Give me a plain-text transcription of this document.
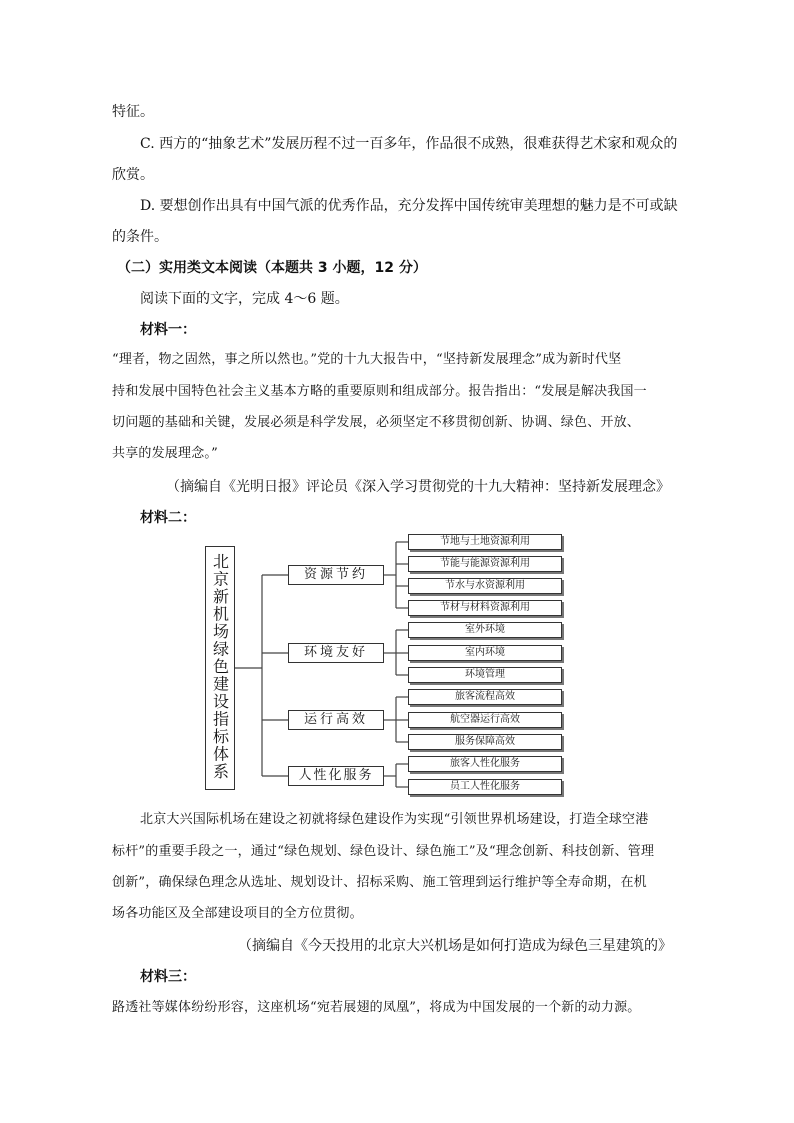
特征。
C. 西方的“抽象艺术”发展历程不过一百多年，作品很不成熟，很难获得艺术家和观众的
欣赏。
D. 要想创作出具有中国气派的优秀作品，充分发挥中国传统审美理想的魅力是不可或缺
的条件。
（二）实用类文本阅读（本题共 3 小题，12 分）
阅读下面的文字，完成 4～6 题。
材料一：
“理者，物之固然，事之所以然也。”党的十九大报告中，“坚持新发展理念”成为新时代坚
持和发展中国特色社会主义基本方略的重要原则和组成部分。报告指出：“发展是解决我国一
切问题的基础和关键，发展必须是科学发展，必须坚定不移贯彻创新、协调、绿色、开放、
共享的发展理念。”
（摘编自《光明日报》评论员《深入学习贯彻党的十九大精神：坚持新发展理念》
材料二：
北京新机场绿色建设指标体系	资源节约
环境友好
运行高效
人性化服务
节地与土地资源利用
节能与能源资源利用
节水与水资源利用
节材与材料资源利用
室外环境
室内环境
环境管理
旅客流程高效
航空器运行高效
服务保障高效
旅客人性化服务
员工人性化服务
北京大兴国际机场在建设之初就将绿色建设作为实现“引领世界机场建设，打造全球空港
标杆”的重要手段之一，通过“绿色规划、绿色设计、绿色施工”及“理念创新、科技创新、管理
创新”，确保绿色理念从选址、规划设计、招标采购、施工管理到运行维护等全寿命期，在机
场各功能区及全部建设项目的全方位贯彻。
（摘编自《今天投用的北京大兴机场是如何打造成为绿色三星建筑的》
材料三：
路透社等媒体纷纷形容，这座机场“宛若展翅的凤凰”，将成为中国发展的一个新的动力源。
